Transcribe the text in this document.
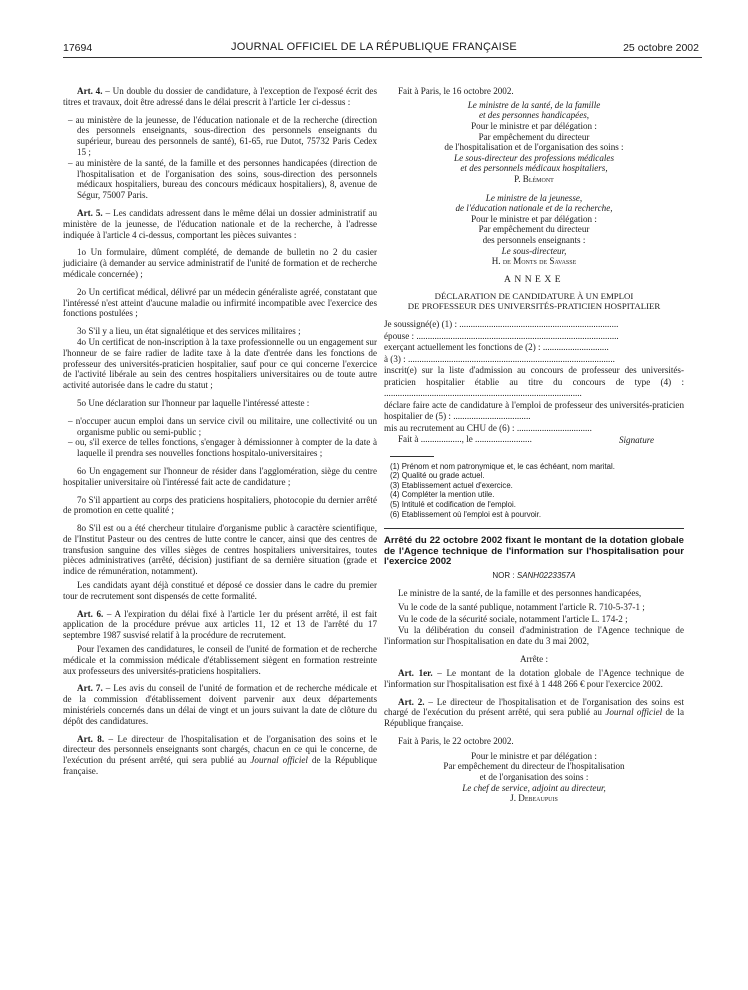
17694	JOURNAL OFFICIEL DE LA RÉPUBLIQUE FRANÇAISE	25 octobre 2002

Art. 4. – Un double du dossier de candidature, à l'exception de l'exposé écrit des titres et travaux, doit être adressé dans le délai prescrit à l'article 1er ci-dessus :

– au ministère de la jeunesse, de l'éducation nationale et de la recherche (direction des personnels enseignants, sous-direction des personnels enseignants du supérieur, bureau des personnels de santé), 61-65, rue Dutot, 75732 Paris Cedex 15 ;

– au ministère de la santé, de la famille et des personnes handicapées (direction de l'hospitalisation et de l'organisation des soins, sous-direction des personnels médicaux hospitaliers, bureau des concours médicaux hospitaliers), 8, avenue de Ségur, 75007 Paris.

Art. 5. – Les candidats adressent dans le même délai un dossier administratif au ministère de la jeunesse, de l'éducation nationale et de la recherche, à l'adresse indiquée à l'article 4 ci-dessus, comportant les pièces suivantes :

1o Un formulaire, dûment complété, de demande de bulletin no 2 du casier judiciaire (à demander au service administratif de l'unité de formation et de recherche médicale concernée) ;

2o Un certificat médical, délivré par un médecin généraliste agréé, constatant que l'intéressé n'est atteint d'aucune maladie ou infirmité incompatible avec l'exercice des fonctions postulées ;

3o S'il y a lieu, un état signalétique et des services militaires ;

4o Un certificat de non-inscription à la taxe professionnelle ou un engagement sur l'honneur de se faire radier de ladite taxe à la date d'entrée dans les fonctions de professeur des universités-praticien hospitalier, sauf pour ce qui concerne l'exercice de l'activité libérale au sein des centres hospitaliers universitaires ou de toute autre activité autorisée dans le cadre du statut ;

5o Une déclaration sur l'honneur par laquelle l'intéressé atteste :

– n'occuper aucun emploi dans un service civil ou militaire, une collectivité ou un organisme public ou semi-public ;

– ou, s'il exerce de telles fonctions, s'engager à démissionner à compter de la date à laquelle il prendra ses nouvelles fonctions hospitalo-universitaires ;

6o Un engagement sur l'honneur de résider dans l'agglomération, siège du centre hospitalier universitaire où l'intéressé fait acte de candidature ;

7o S'il appartient au corps des praticiens hospitaliers, photocopie du dernier arrêté de promotion en cette qualité ;

8o S'il est ou a été chercheur titulaire d'organisme public à caractère scientifique, de l'Institut Pasteur ou des centres de lutte contre le cancer, ainsi que des centres de transfusion sanguine des villes sièges de centres hospitaliers universitaires, toutes pièces administratives (arrêté, décision) justifiant de sa dernière situation (grade et indice de rémunération, notamment).

Les candidats ayant déjà constitué et déposé ce dossier dans le cadre du premier tour de recrutement sont dispensés de cette formalité.

Art. 6. – A l'expiration du délai fixé à l'article 1er du présent arrêté, il est fait application de la procédure prévue aux articles 11, 12 et 13 de l'arrêté du 17 septembre 1987 susvisé relatif à la procédure de recrutement.

Pour l'examen des candidatures, le conseil de l'unité de formation et de recherche médicale et la commission médicale d'établissement siègent en formation restreinte aux professeurs des universités-praticiens hospitaliers.

Art. 7. – Les avis du conseil de l'unité de formation et de recherche médicale et de la commission d'établissement doivent parvenir aux deux départements ministériels concernés dans un délai de vingt et un jours suivant la date de clôture du dépôt des candidatures.

Art. 8. – Le directeur de l'hospitalisation et de l'organisation des soins et le directeur des personnels enseignants sont chargés, chacun en ce qui le concerne, de l'exécution du présent arrêté, qui sera publié au Journal officiel de la République française.

Fait à Paris, le 16 octobre 2002.

Le ministre de la santé, de la famille

et des personnes handicapées,

Pour le ministre et par délégation :

Par empêchement du directeur

de l'hospitalisation et de l'organisation des soins :

Le sous-directeur des professions médicales

et des personnels médicaux hospitaliers,

P. Blémont

Le ministre de la jeunesse,

de l'éducation nationale et de la recherche,

Pour le ministre et par délégation :

Par empêchement du directeur

des personnels enseignants :

Le sous-directeur,

H. de Monts de Savasse

ANNEXE

DÉCLARATION DE CANDIDATURE À UN EMPLOI
DE PROFESSEUR DES UNIVERSITÉS-PRATICIEN HOSPITALIER

Je soussigné(e) (1) : ......................................................................

épouse : .........................................................................................

exerçant actuellement les fonctions de (2) : .............................

à (3) : ...........................................................................................

inscrit(e) sur la liste d'admission au concours de professeur des universités-praticien hospitalier établie au titre du concours de type (4) : .......................................................................................

déclare faire acte de candidature à l'emploi de professeur des universités-praticien hospitalier de (5) : ..................................

mis au recrutement au CHU de (6) : .................................

Fait à .................., le .........................	Signature

(1) Prénom et nom patronymique et, le cas échéant, nom marital.

(2) Qualité ou grade actuel.

(3) Etablissement actuel d'exercice.

(4) Compléter la mention utile.

(5) Intitulé et codification de l'emploi.

(6) Etablissement où l'emploi est à pourvoir.

Arrêté du 22 octobre 2002 fixant le montant de la dotation globale de l'Agence technique de l'information sur l'hospitalisation pour l'exercice 2002

NOR : SANH0223357A

Le ministre de la santé, de la famille et des personnes handicapées,

Vu le code de la santé publique, notamment l'article R. 710-5-37-1 ;

Vu le code de la sécurité sociale, notamment l'article L. 174-2 ;

Vu la délibération du conseil d'administration de l'Agence technique de l'information sur l'hospitalisation en date du 3 mai 2002,

Arrête :

Art. 1er. – Le montant de la dotation globale de l'Agence technique de l'information sur l'hospitalisation est fixé à 1 448 266 € pour l'exercice 2002.

Art. 2. – Le directeur de l'hospitalisation et de l'organisation des soins est chargé de l'exécution du présent arrêté, qui sera publié au Journal officiel de la République française.

Fait à Paris, le 22 octobre 2002.

Pour le ministre et par délégation :

Par empêchement du directeur de l'hospitalisation

et de l'organisation des soins :

Le chef de service, adjoint au directeur,

J. Debeaupuis
